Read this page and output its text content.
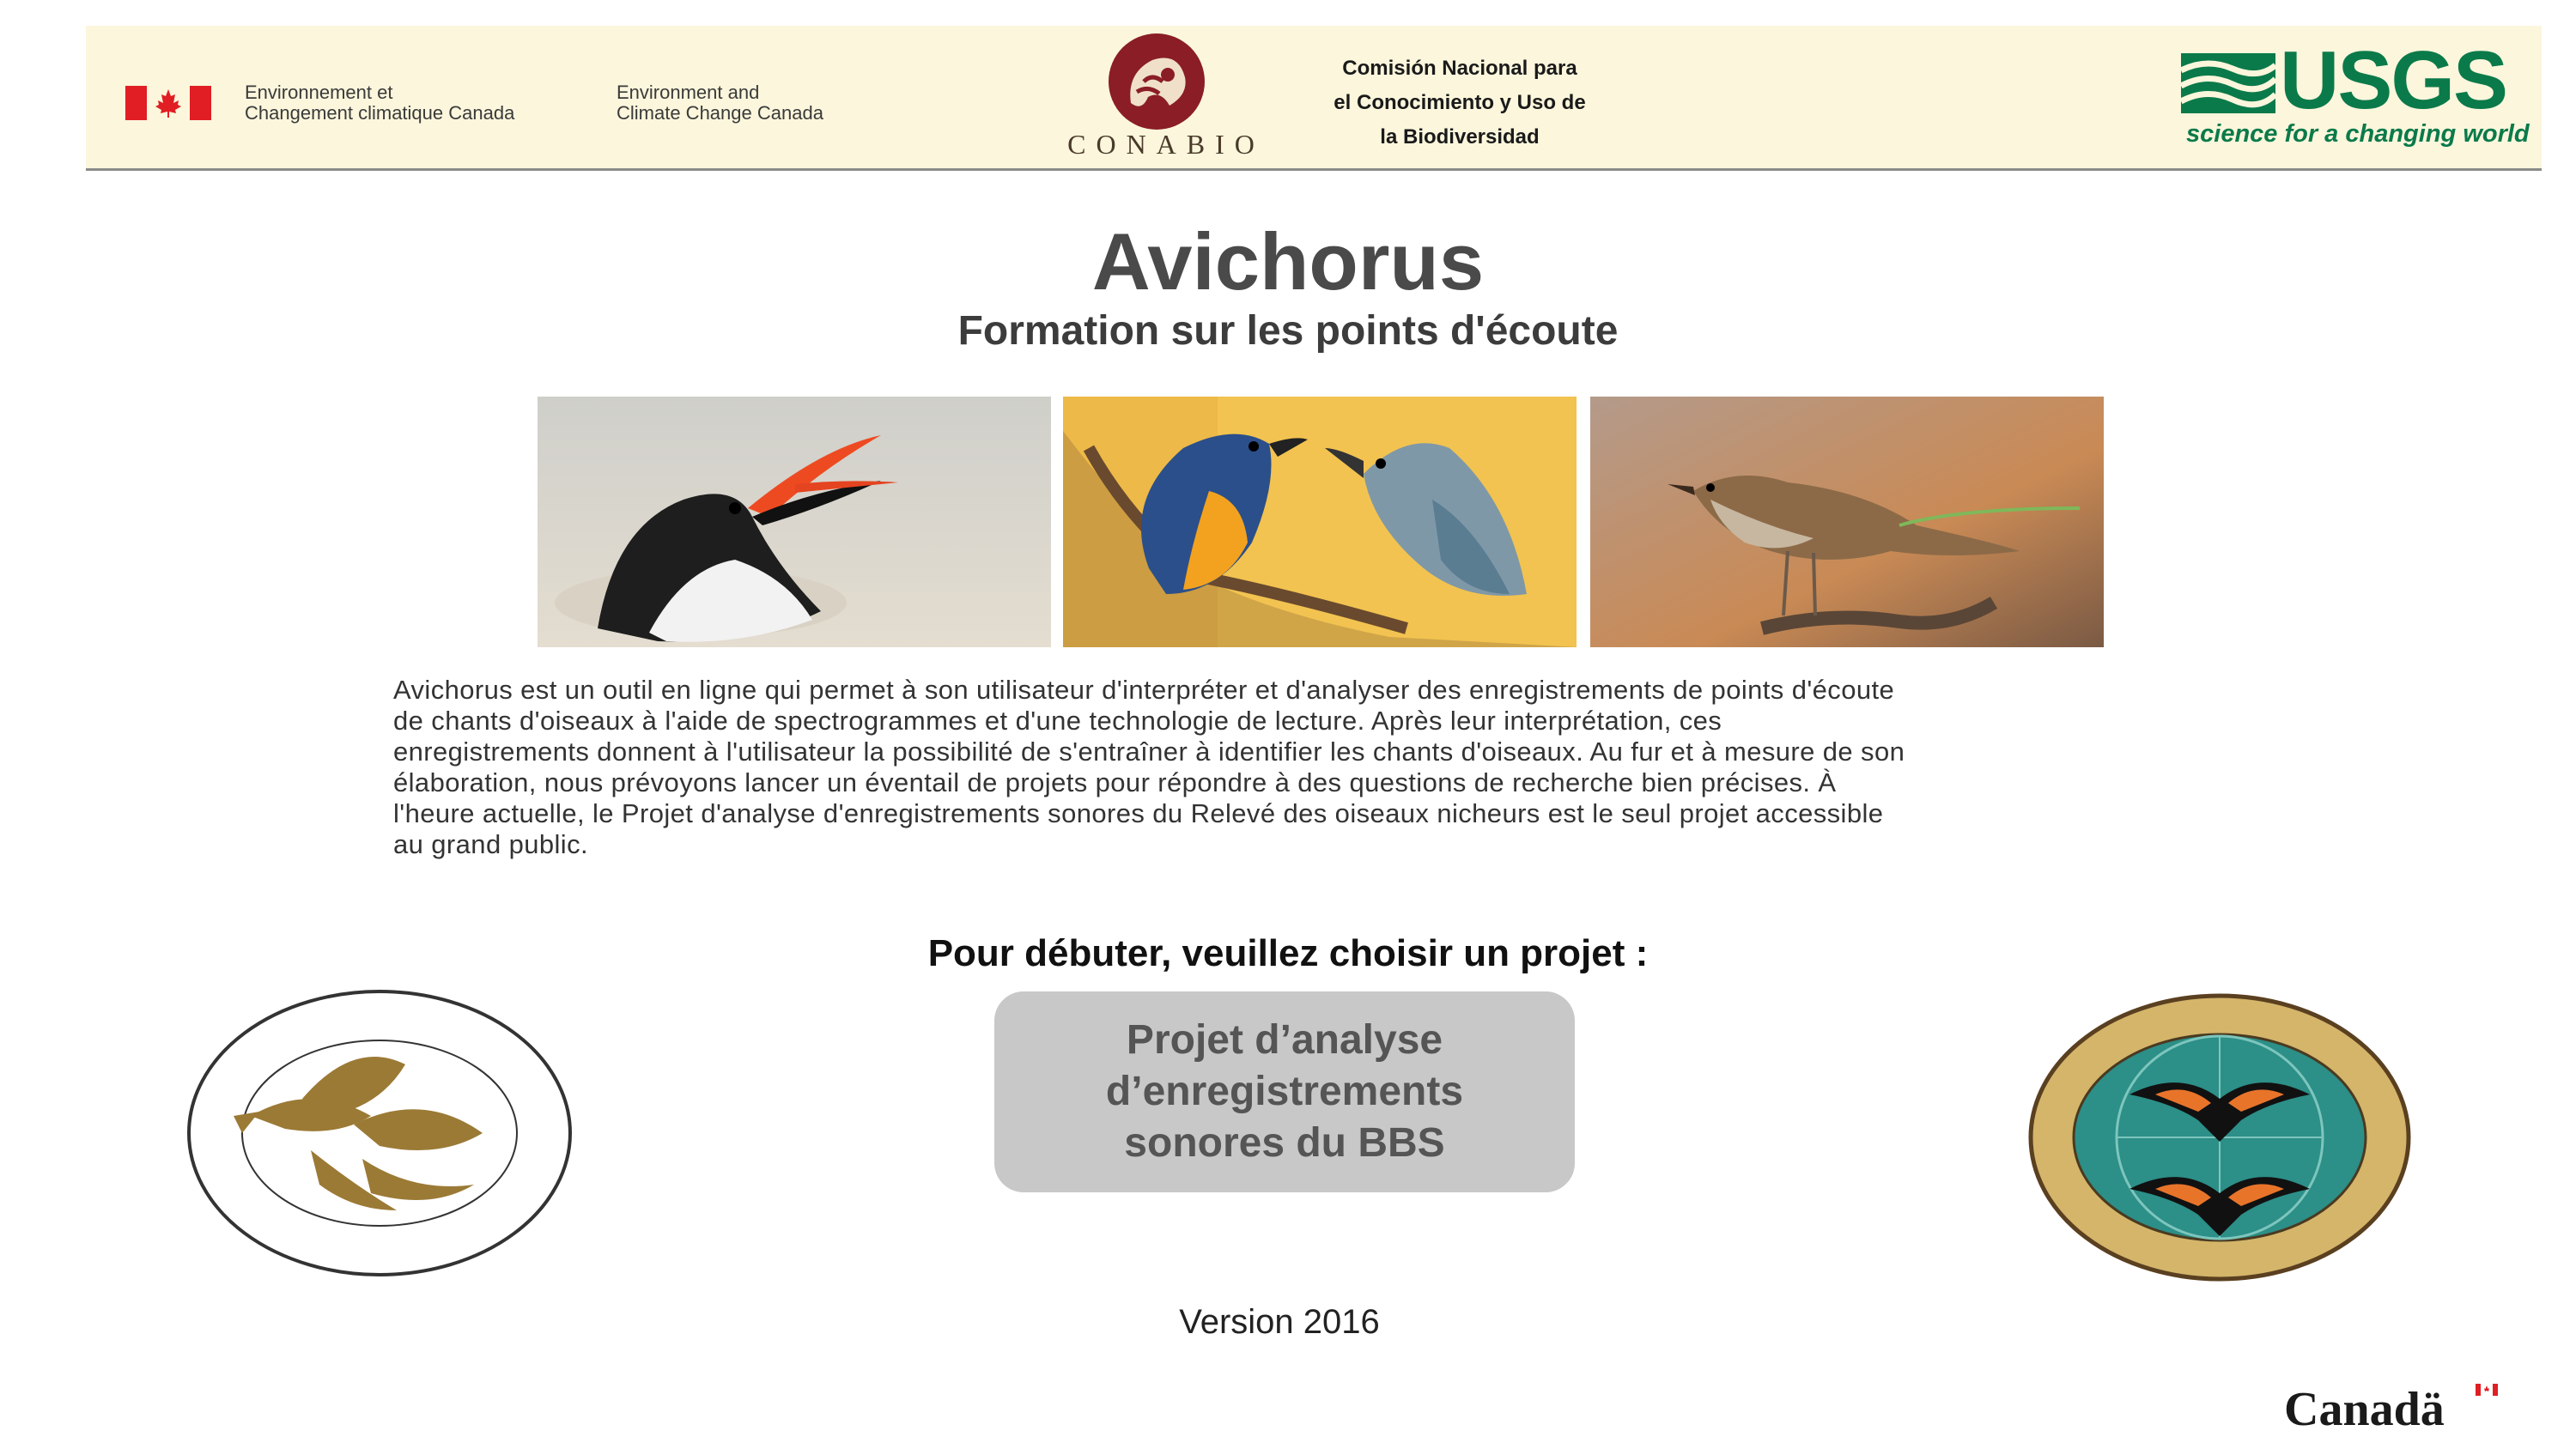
Environnement et
Changement climatique Canada
Environment and
Climate Change Canada
CONABIO
Comisión Nacional para
el Conocimiento y Uso de
la Biodiversidad
USGS
science for a changing world
Avichorus
Formation sur les points d'écoute
Avichorus est un outil en ligne qui permet à son utilisateur d'interpréter et d'analyser des enregistrements de points d'écoute
de chants d'oiseaux à l'aide de spectrogrammes et d'une technologie de lecture. Après leur interprétation, ces
enregistrements donnent à l'utilisateur la possibilité de s'entraîner à identifier les chants d'oiseaux. Au fur et à mesure de son
élaboration, nous prévoyons lancer un éventail de projets pour répondre à des questions de recherche bien précises. À
l'heure actuelle, le Projet d'analyse d'enregistrements sonores du Relevé des oiseaux nicheurs est le seul projet accessible
au grand public.
Pour débuter, veuillez choisir un projet :
Projet d’analyse
d’enregistrements
sonores du BBS
Version 2016
Canadä
